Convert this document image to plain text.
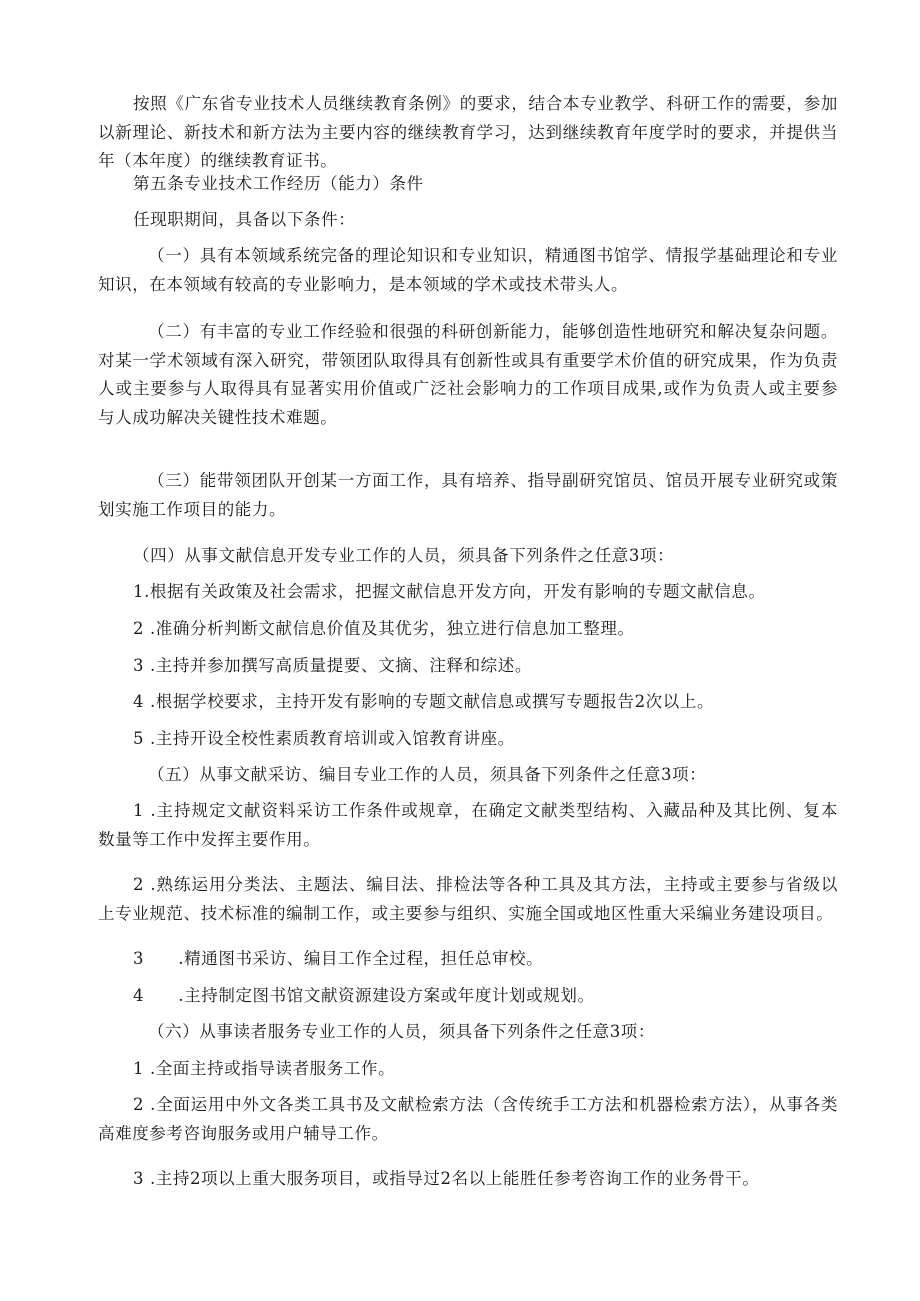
按照《广东省专业技术人员继续教育条例》的要求，结合本专业教学、科研工作的需要，参加以新理论、新技术和新方法为主要内容的继续教育学习，达到继续教育年度学时的要求，并提供当年（本年度）的继续教育证书。

第五条专业技术工作经历（能力）条件

任现职期间，具备以下条件：

（一）具有本领域系统完备的理论知识和专业知识，精通图书馆学、情报学基础理论和专业知识，在本领域有较高的专业影响力，是本领域的学术或技术带头人。

（二）有丰富的专业工作经验和很强的科研创新能力，能够创造性地研究和解决复杂问题。对某一学术领域有深入研究，带领团队取得具有创新性或具有重要学术价值的研究成果，作为负责人或主要参与人取得具有显著实用价值或广泛社会影响力的工作项目成果,或作为负责人或主要参与人成功解决关键性技术难题。

（三）能带领团队开创某一方面工作，具有培养、指导副研究馆员、馆员开展专业研究或策划实施工作项目的能力。

（四）从事文献信息开发专业工作的人员，须具备下列条件之任意3项：

1.根据有关政策及社会需求，把握文献信息开发方向，开发有影响的专题文献信息。

2 .准确分析判断文献信息价值及其优劣，独立进行信息加工整理。

3 .主持并参加撰写高质量提要、文摘、注释和综述。

4 .根据学校要求，主持开发有影响的专题文献信息或撰写专题报告2次以上。

5 .主持开设全校性素质教育培训或入馆教育讲座。

（五）从事文献采访、编目专业工作的人员，须具备下列条件之任意3项：

1 .主持规定文献资料采访工作条件或规章，在确定文献类型结构、入藏品种及其比例、复本数量等工作中发挥主要作用。

2 .熟练运用分类法、主题法、编目法、排检法等各种工具及其方法，主持或主要参与省级以上专业规范、技术标准的编制工作，或主要参与组织、实施全国或地区性重大采编业务建设项目。

3　　.精通图书采访、编目工作全过程，担任总审校。

4　　.主持制定图书馆文献资源建设方案或年度计划或规划。

（六）从事读者服务专业工作的人员，须具备下列条件之任意3项：

1 .全面主持或指导读者服务工作。

2 .全面运用中外文各类工具书及文献检索方法（含传统手工方法和机器检索方法），从事各类高难度参考咨询服务或用户辅导工作。

3 .主持2项以上重大服务项目，或指导过2名以上能胜任参考咨询工作的业务骨干。
